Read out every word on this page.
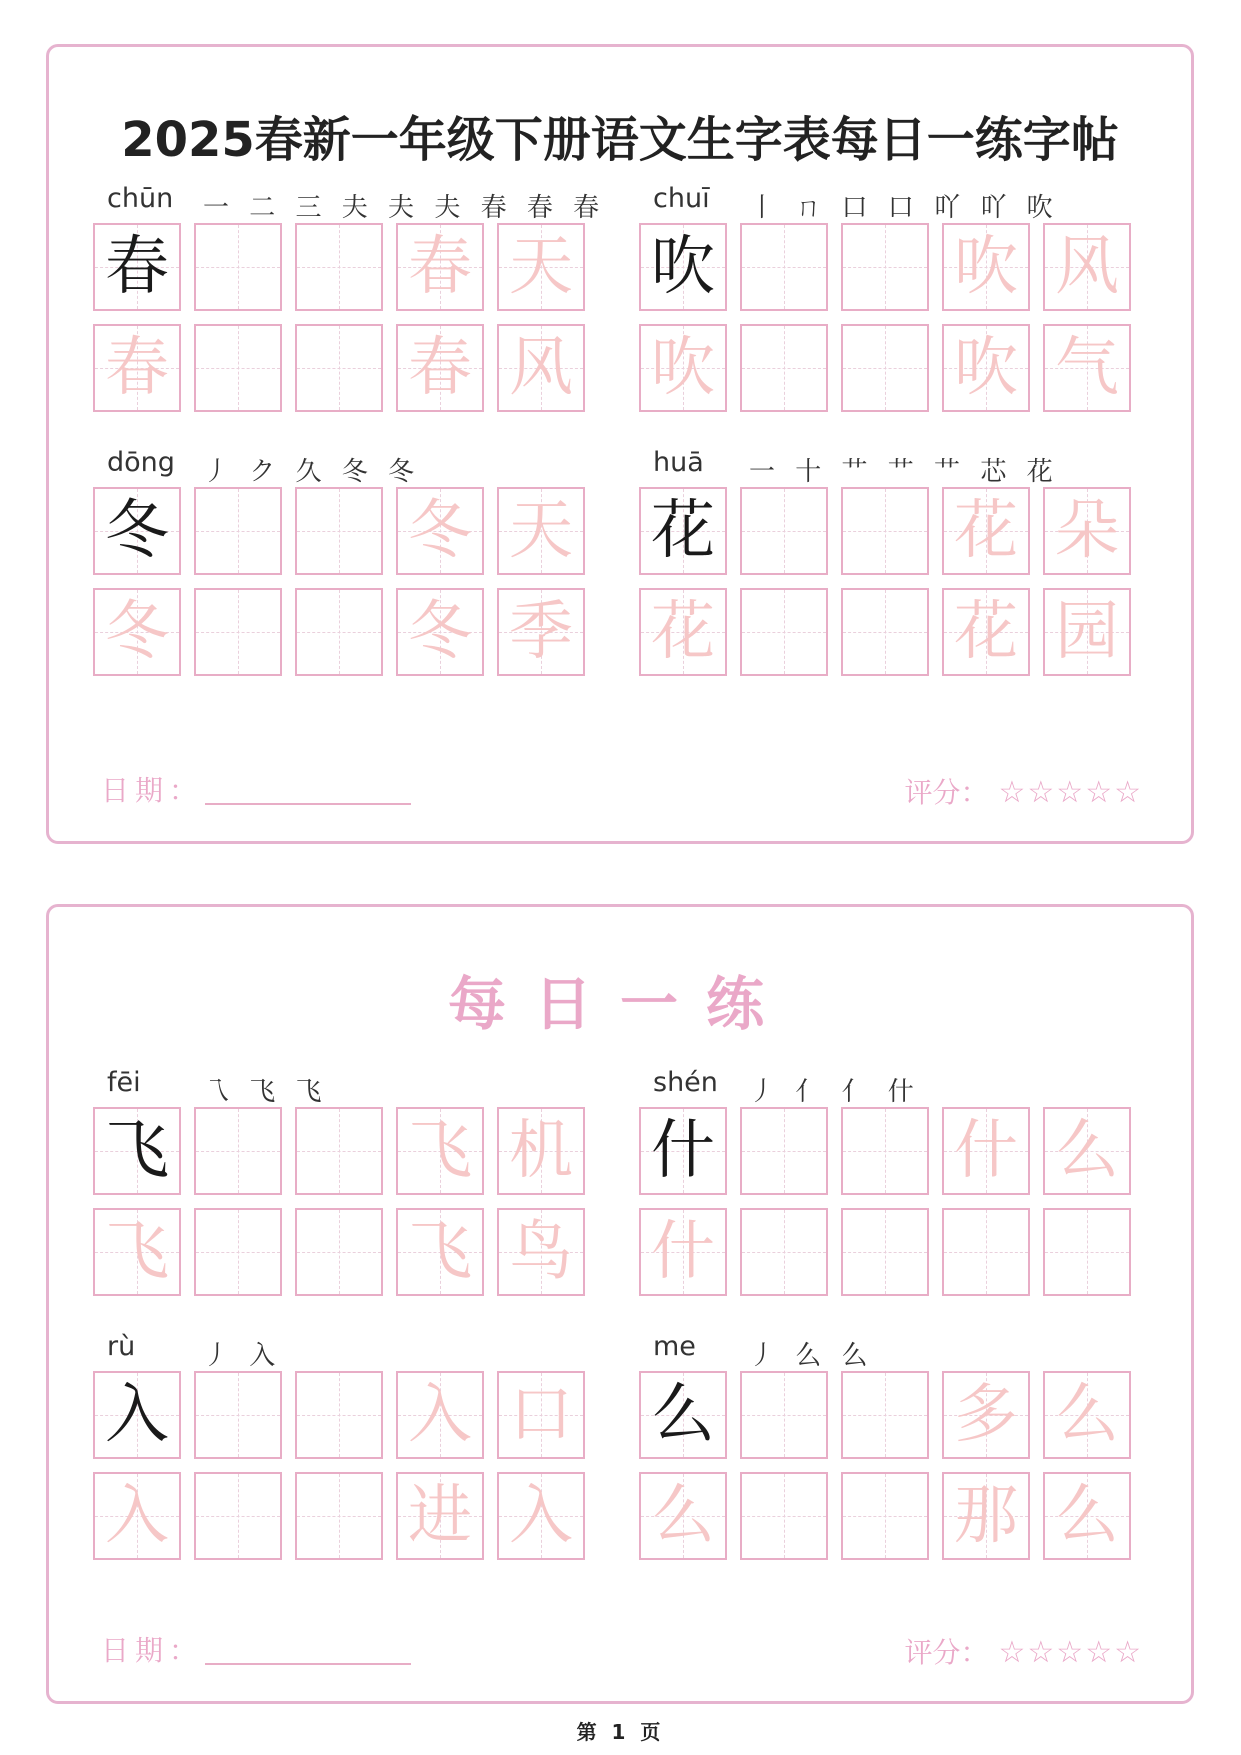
2025春新一年级下册语文生字表每日一练字帖
chūn 一 二 三 夫 夫 夫 春 春 春
春	春 天
春	春 风
chuī 丨 ㄇ 口 口 吖 吖 吹
吹	吹 风
吹	吹 气
dōng 丿 ク 久 冬 冬
冬	冬 天
冬	冬 季
huā 一 十 艹 艹 艹 芯 花
花	花 朵
花	花 园
日期：	评分： ☆☆☆☆☆
每日一练
fēi 乁 飞 飞
飞	飞 机
飞	飞 鸟
shén 丿 亻 亻 什
什	什 么
什
rù	丿 入
入	入 口
入	进 入
me 丿 么 么
么	多 么
么	那 么
日期：	评分： ☆☆☆☆☆
第 1 页
